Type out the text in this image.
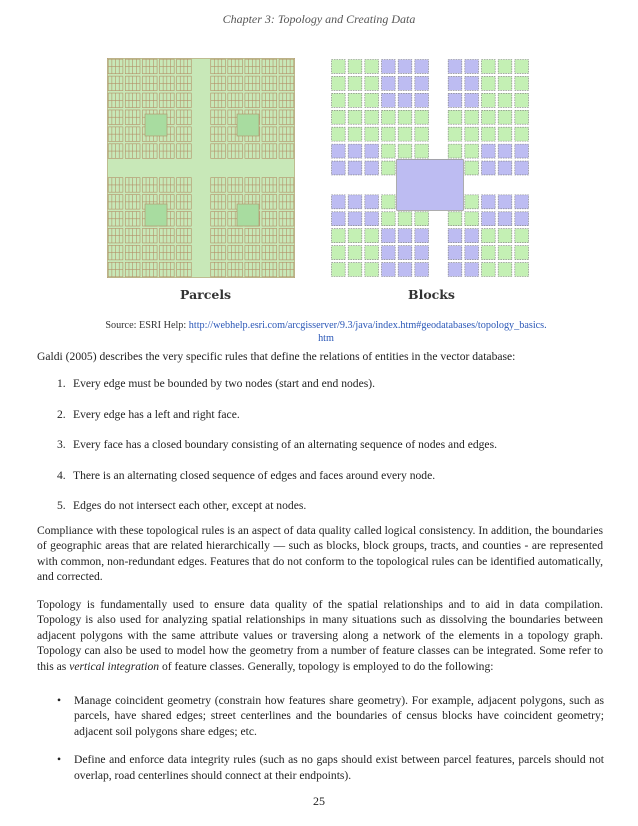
Chapter 3: Topology and Creating Data
Parcels	Blocks
Source: ESRI Help: http://webhelp.esri.com/arcgisserver/9.3/java/index.htm#geodatabases/topology_basics.
htm
Galdi (2005) describes the very specific rules that define the relations of entities in the vector database:
1. Every edge must be bounded by two nodes (start and end nodes).
2. Every edge has a left and right face.
3. Every face has a closed boundary consisting of an alternating sequence of nodes and edges.
4. There is an alternating closed sequence of edges and faces around every node.
5. Edges do not intersect each other, except at nodes.
Compliance with these topological rules is an aspect of data quality called logical consistency. In addition, the boundaries of geographic areas that are related hierarchically — such as blocks, block groups, tracts, and counties - are represented with common, non-redundant edges. Features that do not conform to the topological rules can be identified automatically, and corrected.
Topology is fundamentally used to ensure data quality of the spatial relationships and to aid in data compilation. Topology is also used for analyzing spatial relationships in many situations such as dissolving the boundaries between adjacent polygons with the same attribute values or traversing along a network of the elements in a topology graph. Topology can also be used to model how the geometry from a number of feature classes can be integrated. Some refer to this as vertical integration of feature classes. Generally, topology is employed to do the following:
• Manage coincident geometry (constrain how features share geometry). For example, adjacent polygons, such as parcels, have shared edges; street centerlines and the boundaries of census blocks have coincident geometry; adjacent soil polygons share edges; etc.
• Define and enforce data integrity rules (such as no gaps should exist between parcel features, parcels should not overlap, road centerlines should connect at their endpoints).
25
